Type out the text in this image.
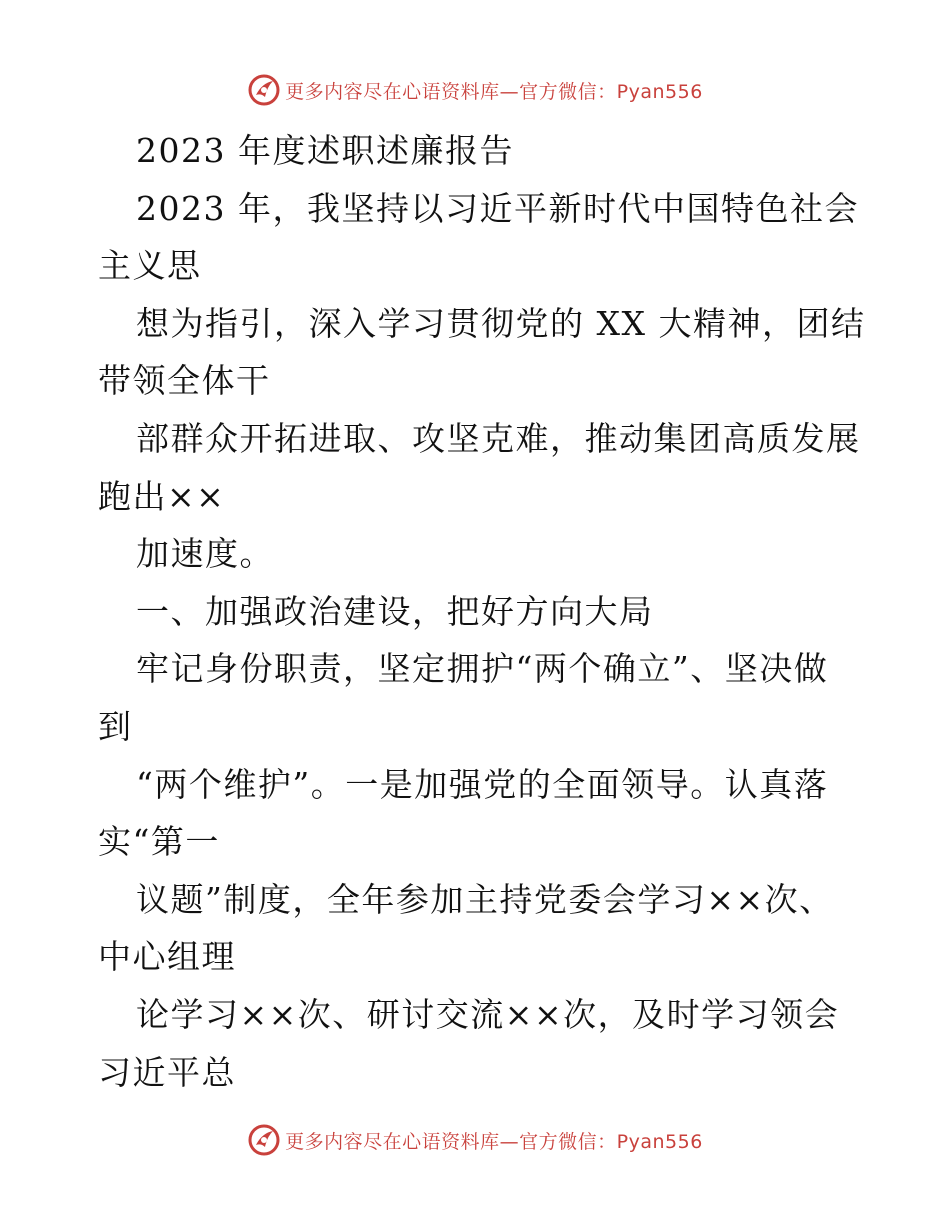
更多内容尽在心语资料库—官方微信：Pyan556
2023 年度述职述廉报告
2023 年，我坚持以习近平新时代中国特色社会
主义思
想为指引，深入学习贯彻党的 XX 大精神，团结
带领全体干
部群众开拓进取、攻坚克难，推动集团高质发展
跑出××
加速度。
一、加强政治建设，把好方向大局
牢记身份职责，坚定拥护“两个确立”、坚决做
到
“两个维护”。一是加强党的全面领导。认真落
实“第一
议题”制度，全年参加主持党委会学习××次、
中心组理
论学习××次、研讨交流××次，及时学习领会
习近平总
更多内容尽在心语资料库—官方微信：Pyan556
